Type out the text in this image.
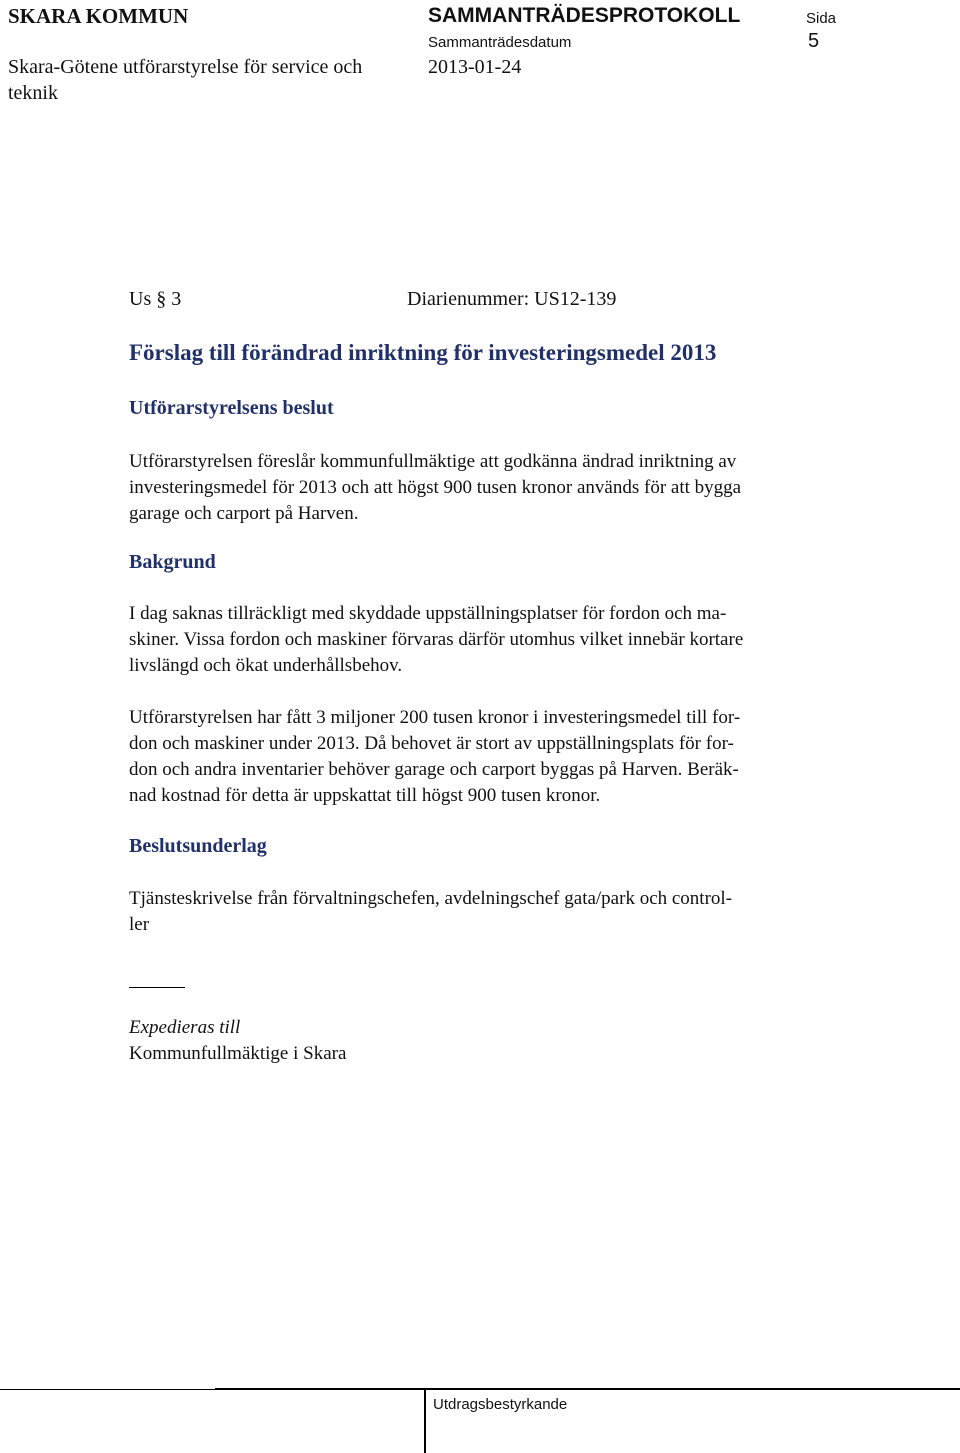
SKARA KOMMUN	SAMMANTRÄDESPROTOKOLL	Sida
Sammanträdesdatum	5
Skara-Götene utförarstyrelse för service och	2013-01-24
teknik
Us § 3	Diarienummer: US12-139
Förslag till förändrad inriktning för investeringsmedel 2013
Utförarstyrelsens beslut
Utförarstyrelsen föreslår kommunfullmäktige att godkänna ändrad inriktning av
investeringsmedel för 2013 och att högst 900 tusen kronor används för att bygga
garage och carport på Harven.
Bakgrund
I dag saknas tillräckligt med skyddade uppställningsplatser för fordon och ma-
skiner. Vissa fordon och maskiner förvaras därför utomhus vilket innebär kortare
livslängd och ökat underhållsbehov.
Utförarstyrelsen har fått 3 miljoner 200 tusen kronor i investeringsmedel till for-
don och maskiner under 2013. Då behovet är stort av uppställningsplats för for-
don och andra inventarier behöver garage och carport byggas på Harven. Beräk-
nad kostnad för detta är uppskattat till högst 900 tusen kronor.
Beslutsunderlag
Tjänsteskrivelse från förvaltningschefen, avdelningschef gata/park och control-
ler
Expedieras till
Kommunfullmäktige i Skara
Utdragsbestyrkande
